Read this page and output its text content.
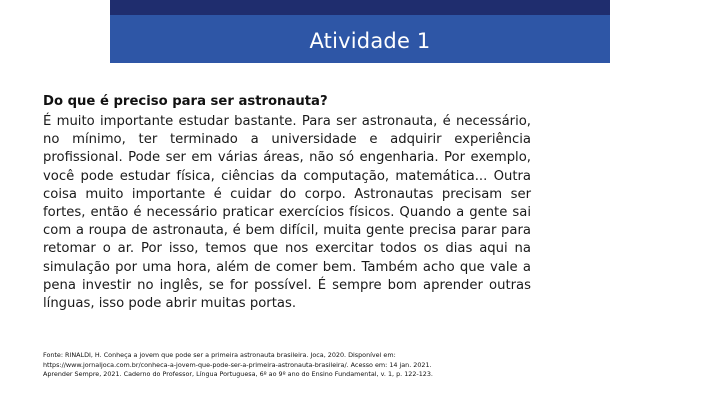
Atividade 1

Do que é preciso para ser astronauta?

É muito importante estudar bastante. Para ser astronauta, é necessário, no mínimo, ter terminado a universidade e adquirir experiência profissional. Pode ser em várias áreas, não só engenharia. Por exemplo, você pode estudar física, ciências da computação, matemática... Outra coisa muito importante é cuidar do corpo. Astronautas precisam ser fortes, então é necessário praticar exercícios físicos. Quando a gente sai com a roupa de astronauta, é bem difícil, muita gente precisa parar para retomar o ar. Por isso, temos que nos exercitar todos os dias aqui na simulação por uma hora, além de comer bem. Também acho que vale a pena investir no inglês, se for possível. É sempre bom aprender outras línguas, isso pode abrir muitas portas.

Fonte: RINALDI, H. Conheça a jovem que pode ser a primeira astronauta brasileira. Joca, 2020. Disponível em:
https://www.jornaljoca.com.br/conheca-a-jovem-que-pode-ser-a-primeira-astronauta-brasileira/. Acesso em: 14 jan. 2021.
Aprender Sempre, 2021. Caderno do Professor, Língua Portuguesa, 6º ao 9º ano do Ensino Fundamental, v. 1, p. 122-123.
